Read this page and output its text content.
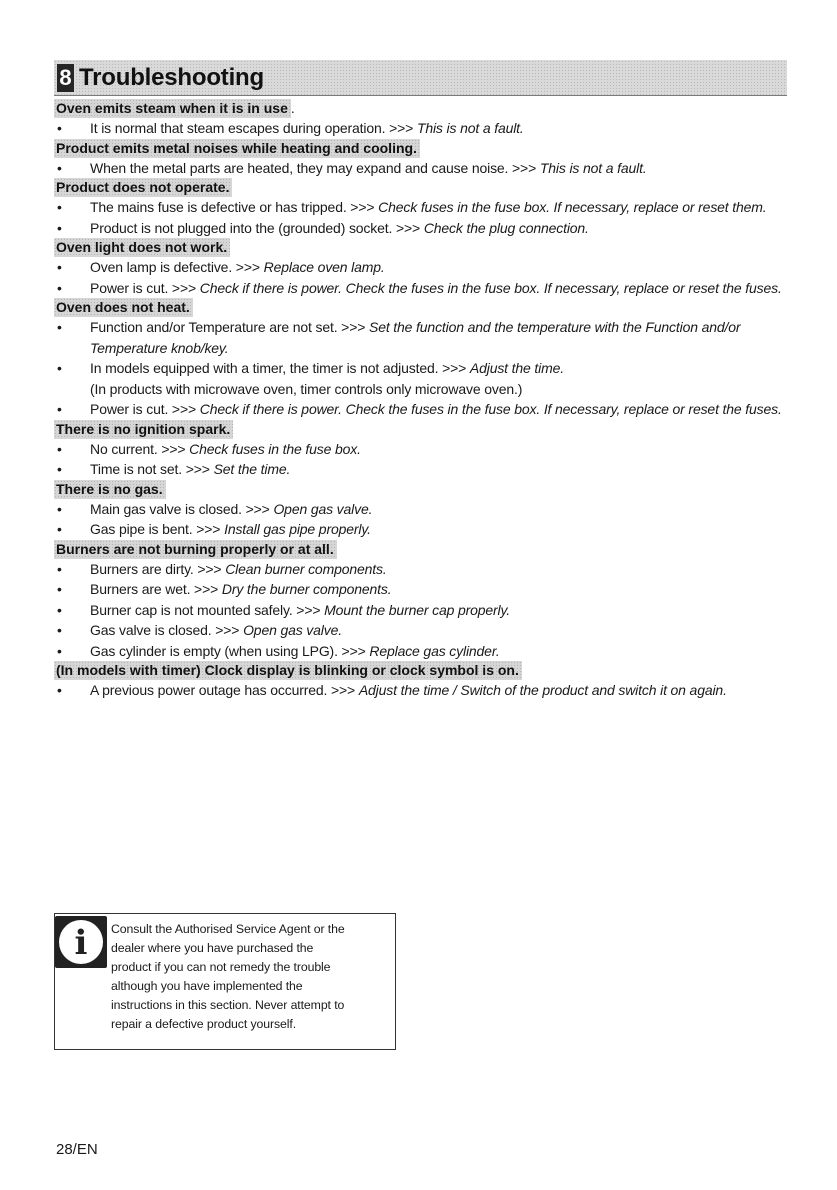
8 Troubleshooting
Oven emits steam when it is in use .
• It is normal that steam escapes during operation. >>> This is not a fault.
Product emits metal noises while heating and cooling.
• When the metal parts are heated, they may expand and cause noise. >>> This is not a fault.
Product does not operate.
• The mains fuse is defective or has tripped. >>> Check fuses in the fuse box. If necessary, replace or reset them.
• Product is not plugged into the (grounded) socket. >>> Check the plug connection.
Oven light does not work.
• Oven lamp is defective. >>> Replace oven lamp.
• Power is cut. >>> Check if there is power. Check the fuses in the fuse box. If necessary, replace or reset the fuses.
Oven does not heat.
• Function and/or Temperature are not set. >>> Set the function and the temperature with the Function and/or Temperature knob/key.
• In models equipped with a timer, the timer is not adjusted. >>> Adjust the time.
(In products with microwave oven, timer controls only microwave oven.)
• Power is cut. >>> Check if there is power. Check the fuses in the fuse box. If necessary, replace or reset the fuses.
There is no ignition spark.
• No current. >>> Check fuses in the fuse box.
• Time is not set. >>> Set the time.
There is no gas.
• Main gas valve is closed. >>> Open gas valve.
• Gas pipe is bent. >>> Install gas pipe properly.
Burners are not burning properly or at all.
• Burners are dirty. >>> Clean burner components.
• Burners are wet. >>> Dry the burner components.
• Burner cap is not mounted safely. >>> Mount the burner cap properly.
• Gas valve is closed. >>> Open gas valve.
• Gas cylinder is empty (when using LPG). >>> Replace gas cylinder.
(In models with timer) Clock display is blinking or clock symbol is on.
• A previous power outage has occurred. >>> Adjust the time / Switch of the product and switch it on again.
i	Consult the Authorised Service Agent or the
dealer where you have purchased the
product if you can not remedy the trouble
although you have implemented the
instructions in this section. Never attempt to
repair a defective product yourself.
28/EN
